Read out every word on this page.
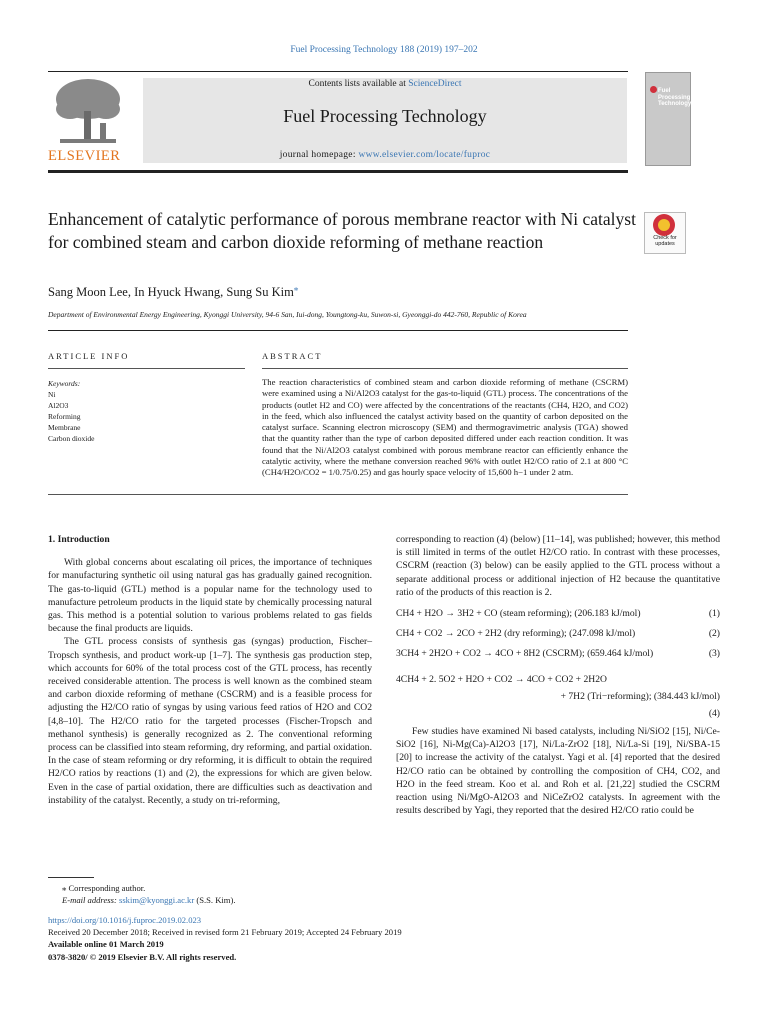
Fuel Processing Technology 188 (2019) 197–202
ELSEVIER
Contents lists available at ScienceDirect
Fuel Processing Technology
journal homepage: www.elsevier.com/locate/fuproc
Fuel Processing Technology
Enhancement of catalytic performance of porous membrane reactor with Ni catalyst for combined steam and carbon dioxide reforming of methane reaction	Check for updates
Sang Moon Lee, In Hyuck Hwang, Sung Su Kim⁎
Department of Environmental Energy Engineering, Kyonggi University, 94-6 San, Iui-dong, Youngtong-ku, Suwon-si, Gyeonggi-do 442-760, Republic of Korea
ARTICLE INFO	ABSTRACT
Keywords:
Ni
Al2O3
Reforming
Membrane
Carbon dioxide
The reaction characteristics of combined steam and carbon dioxide reforming of methane (CSCRM) were examined using a Ni/Al2O3 catalyst for the gas-to-liquid (GTL) process. The concentrations of the products (outlet H2 and CO) were affected by the concentrations of the reactants (CH4, H2O, and CO2) in the feed, which also influenced the catalyst activity based on the quantity of carbon deposited on the catalyst surface. Scanning electron microscopy (SEM) and thermogravimetric analysis (TGA) showed that the quantity rather than the type of carbon deposited differed under each reaction condition. It was found that the Ni/Al2O3 catalyst combined with porous membrane reactor can efficiently enhance the catalytic activity, where the methane conversion reached 96% with outlet H2/CO ratio of 2.1 at 800 °C (CH4/H2O/CO2 = 1/0.75/0.25) and gas hourly space velocity of 15,600 h−1 under 2 atm.
1. Introduction

With global concerns about escalating oil prices, the importance of techniques for manufacturing synthetic oil using natural gas has gradually gained recognition. The gas-to-liquid (GTL) method is a popular name for the technology used to manufacture petroleum products in the liquid state by chemically processing natural gas. This method is a potential solution to various problems related to gas fields because the final products are liquids.

The GTL process consists of synthesis gas (syngas) production, Fischer–Tropsch synthesis, and product work-up [1–7]. The synthesis gas production step, which accounts for 60% of the total process cost of the GTL process, has recently received considerable attention. The process is well known as the combined steam and carbon dioxide reforming of methane (CSCRM) and is a feasible process for adjusting the H2/CO ratio of syngas by using various feed ratios of H2O and CO2 [4,8–10]. The H2/CO ratio for the targeted processes (Fischer-Tropsch and methanol synthesis) is generally recognized as 2. The conventional reforming process can be classified into steam reforming, dry reforming, and partial oxidation. In the case of steam reforming or dry reforming, it is difficult to obtain the required H2/CO ratios by reactions (1) and (2), the expressions for which are given below. Even in the case of partial oxidation, there are difficulties such as deactivation and instability of the catalyst. Recently, a study on tri-reforming,

corresponding to reaction (4) (below) [11–14], was published; however, this method is still limited in terms of the outlet H2/CO ratio. In contrast with these processes, CSCRM (reaction (3) below) can be easily applied to the GTL process without a separate additional process or additional injection of H2 because the quantitative ratio of the products of this reaction is 2.

CH4 + H2O → 3H2 + CO (steam reforming); (206.183 kJ/mol)	(1)
CH4 + CO2 → 2CO + 2H2 (dry reforming); (247.098 kJ/mol)	(2)
3CH4 + 2H2O + CO2 → 4CO + 8H2 (CSCRM); (659.464 kJ/mol)	(3)
4CH4 + 2. 5O2 + H2O + CO2 → 4CO + CO2 + 2H2O
+ 7H2 (Tri−reforming); (384.443 kJ/mol)
(4)

Few studies have examined Ni based catalysts, including Ni/SiO2 [15], Ni/Ce-SiO2 [16], Ni-Mg(Ca)-Al2O3 [17], Ni/La-ZrO2 [18], Ni/La-Si [19], Ni/SBA-15 [20] to increase the activity of the catalyst. Yagi et al. [4] reported that the desired H2/CO ratio can be obtained by controlling the composition of CH4, CO2, and H2O in the feed stream. Koo et al. and Roh et al. [21,22] studied the CSCRM reaction using Ni/MgO-Al2O3 and NiCeZrO2 catalysts. In agreement with the results described by Yagi, they reported that the desired H2/CO ratio could be

⁎ Corresponding author.
E-mail address: sskim@kyonggi.ac.kr (S.S. Kim).
https://doi.org/10.1016/j.fuproc.2019.02.023
Received 20 December 2018; Received in revised form 21 February 2019; Accepted 24 February 2019
Available online 01 March 2019
0378-3820/ © 2019 Elsevier B.V. All rights reserved.
